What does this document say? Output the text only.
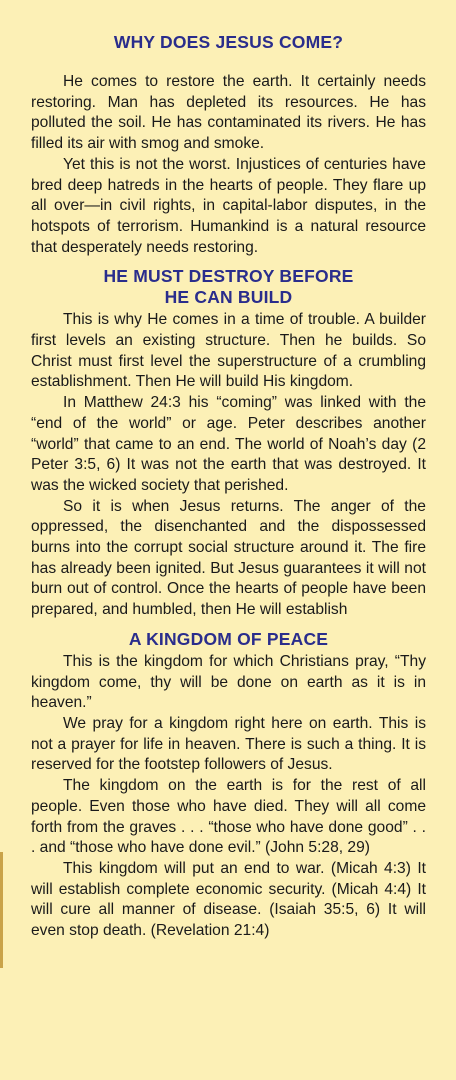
WHY DOES JESUS COME?

He comes to restore the earth. It certainly needs restoring. Man has depleted its resources. He has polluted the soil. He has contaminated its rivers. He has filled its air with smog and smoke.

Yet this is not the worst. Injustices of centuries have bred deep hatreds in the hearts of people. They flare up all over—in civil rights, in capital-labor disputes, in the hotspots of terrorism. Humankind is a natural resource that desperately needs restoring.

HE MUST DESTROY BEFORE
HE CAN BUILD

This is why He comes in a time of trouble. A builder first levels an existing structure. Then he builds. So Christ must first level the superstructure of a crumbling establishment. Then He will build His kingdom.

In Matthew 24:3 his “coming” was linked with the “end of the world” or age. Peter describes another “world” that came to an end. The world of Noah’s day (2 Peter 3:5, 6) It was not the earth that was destroyed. It was the wicked society that perished.

So it is when Jesus returns. The anger of the oppressed, the disenchanted and the dispossessed burns into the corrupt social structure around it. The fire has already been ignited. But Jesus guarantees it will not burn out of control. Once the hearts of people have been prepared, and humbled, then He will establish

A KINGDOM OF PEACE

This is the kingdom for which Christians pray, “Thy kingdom come, thy will be done on earth as it is in heaven.”

We pray for a kingdom right here on earth. This is not a prayer for life in heaven. There is such a thing. It is reserved for the footstep followers of Jesus.

The kingdom on the earth is for the rest of all people. Even those who have died. They will all come forth from the graves . . . “those who have done good” . . . and “those who have done evil.” (John 5:28, 29)

This kingdom will put an end to war. (Micah 4:3) It will establish complete economic security. (Micah 4:4) It will cure all manner of disease. (Isaiah 35:5, 6) It will even stop death. (Revelation 21:4)
